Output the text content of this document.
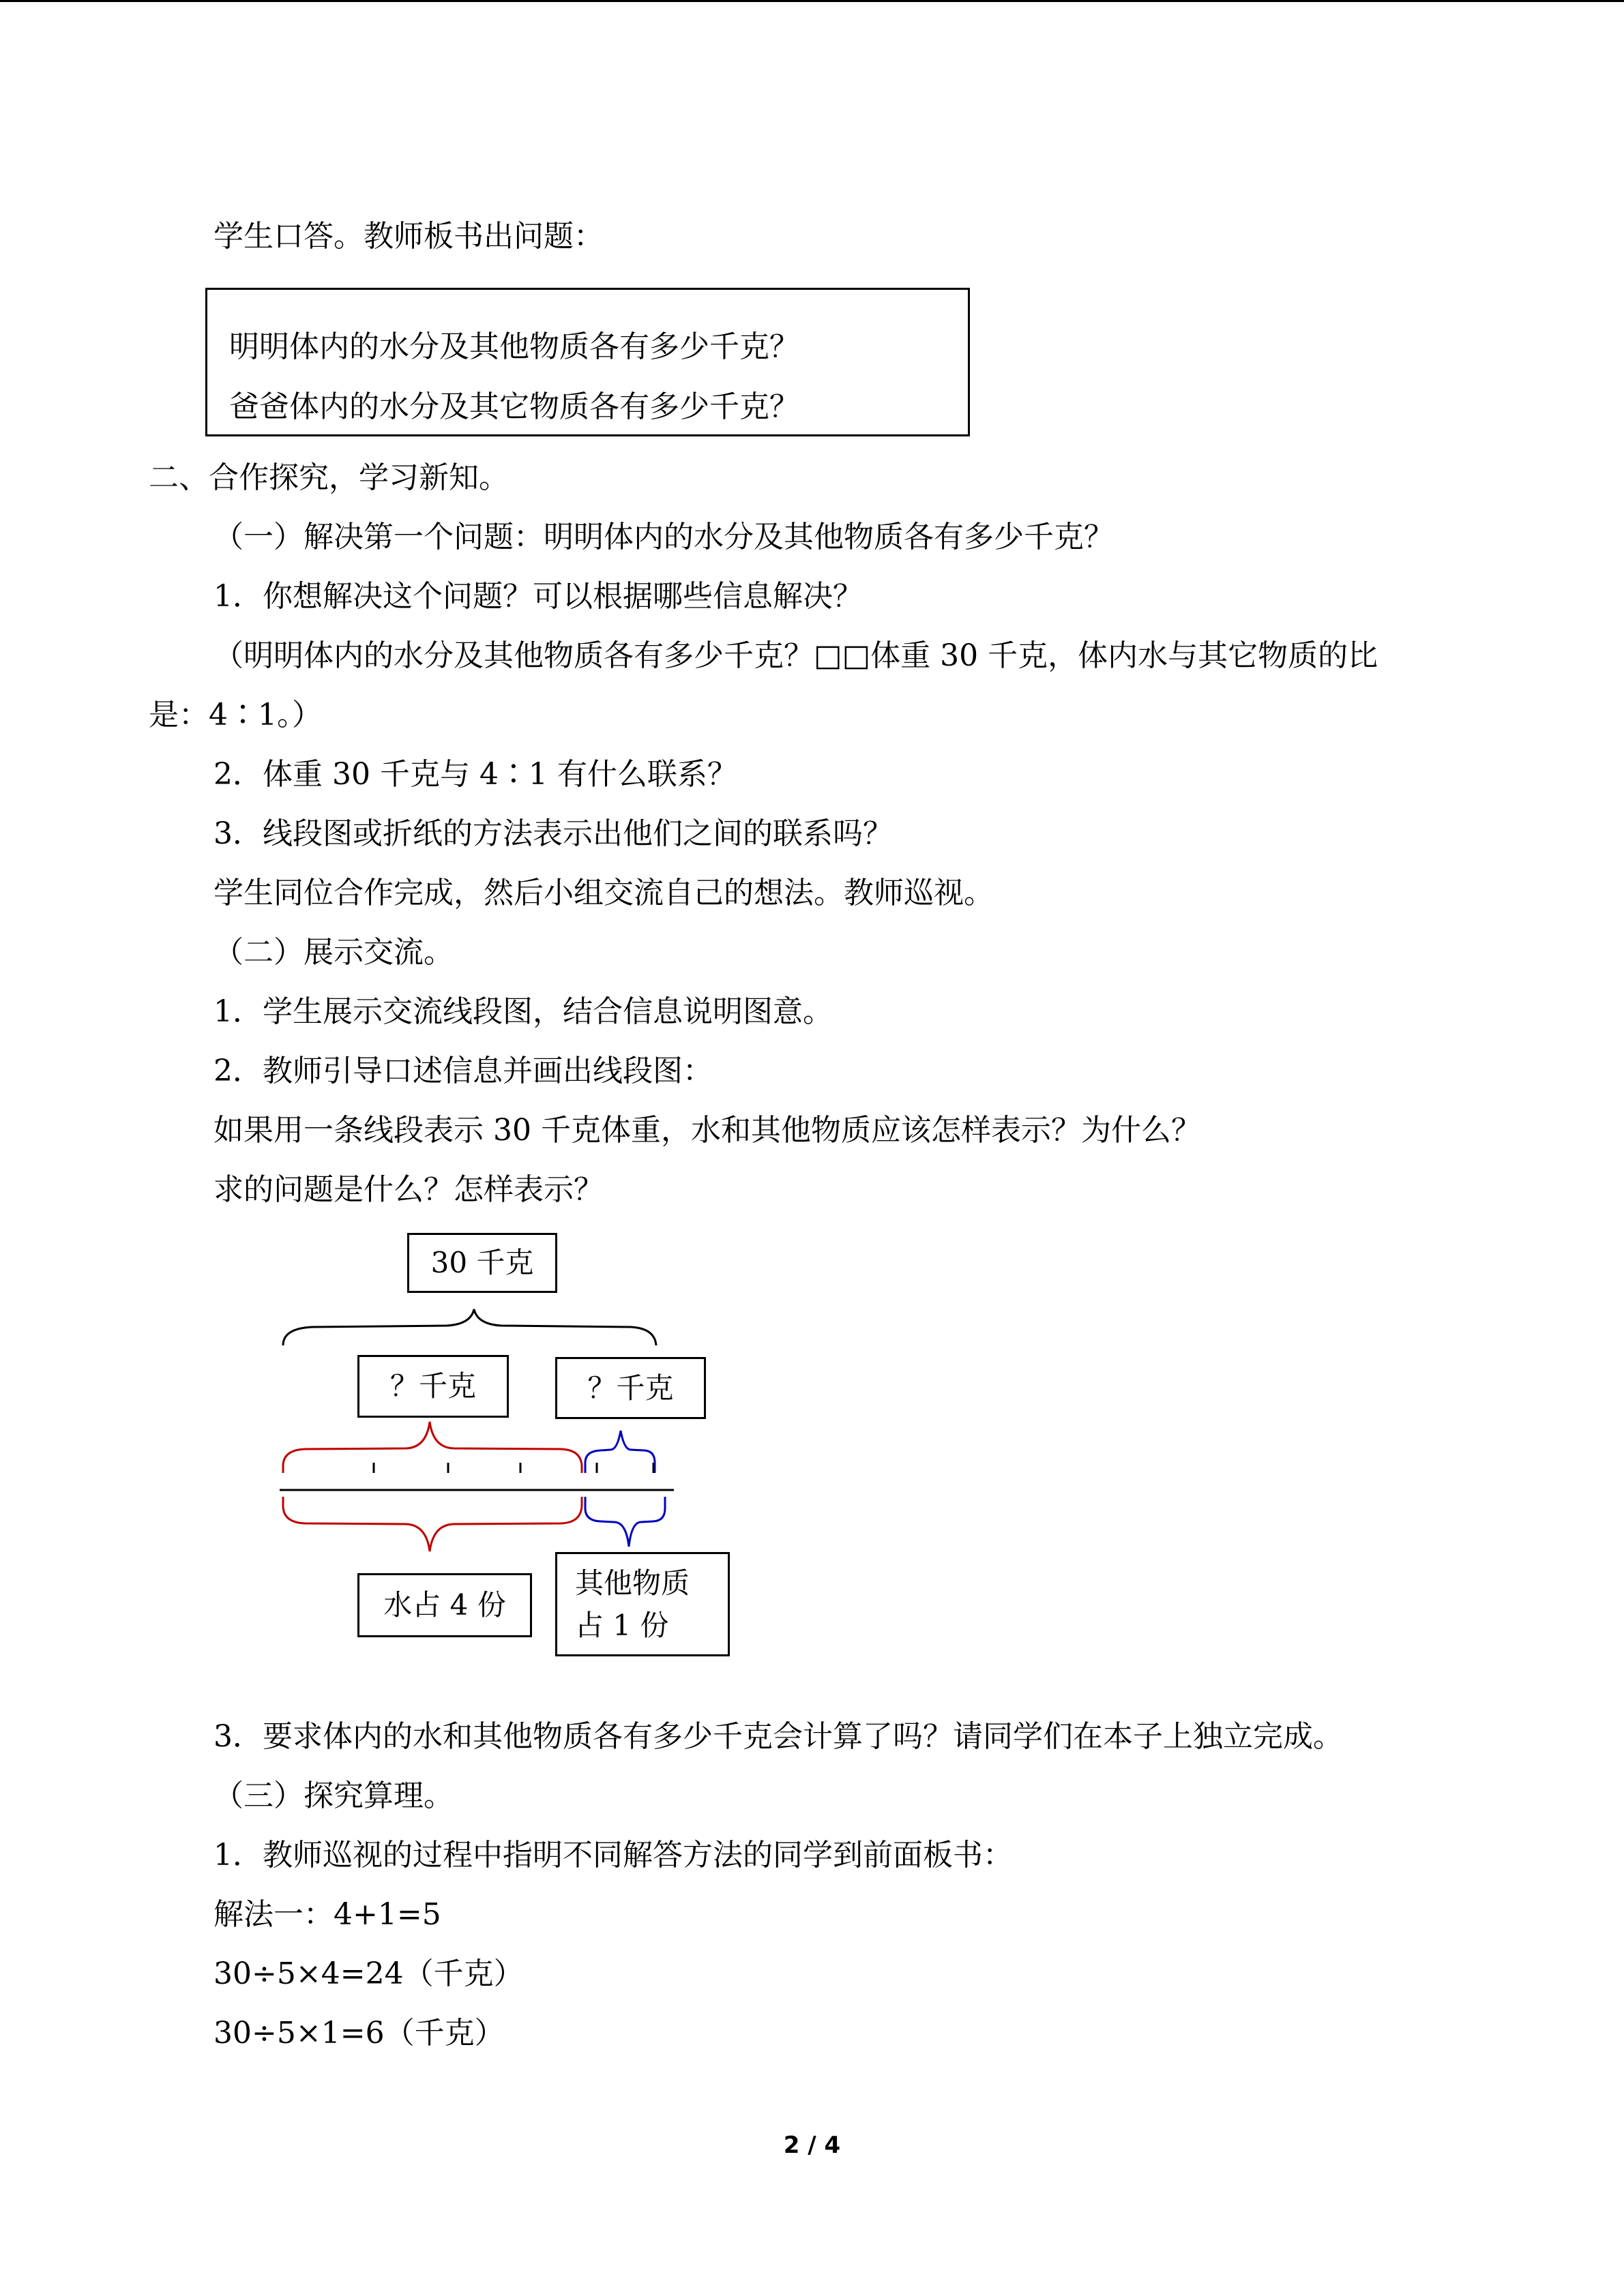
学生口答。教师板书出问题：
明明体内的水分及其他物质各有多少千克？
爸爸体内的水分及其它物质各有多少千克？
二、合作探究，学习新知。
（一）解决第一个问题：明明体内的水分及其他物质各有多少千克？
1．你想解决这个问题？可以根据哪些信息解决？
（明明体内的水分及其他物质各有多少千克？□□体重 30 千克，体内水与其它物质的比
是：4∶1。）
2．体重 30 千克与 4∶1 有什么联系？
3．线段图或折纸的方法表示出他们之间的联系吗？
学生同位合作完成，然后小组交流自己的想法。教师巡视。
（二）展示交流。
1．学生展示交流线段图，结合信息说明图意。
2．教师引导口述信息并画出线段图：
如果用一条线段表示 30 千克体重，水和其他物质应该怎样表示？为什么？
求的问题是什么？怎样表示？
30 千克
？千克	？千克
水占 4 份
其他物质
占 1 份
3．要求体内的水和其他物质各有多少千克会计算了吗？请同学们在本子上独立完成。
（三）探究算理。
1．教师巡视的过程中指明不同解答方法的同学到前面板书：
解法一：4+1=5
30÷5×4=24（千克）
30÷5×1=6（千克）
2 / 4
